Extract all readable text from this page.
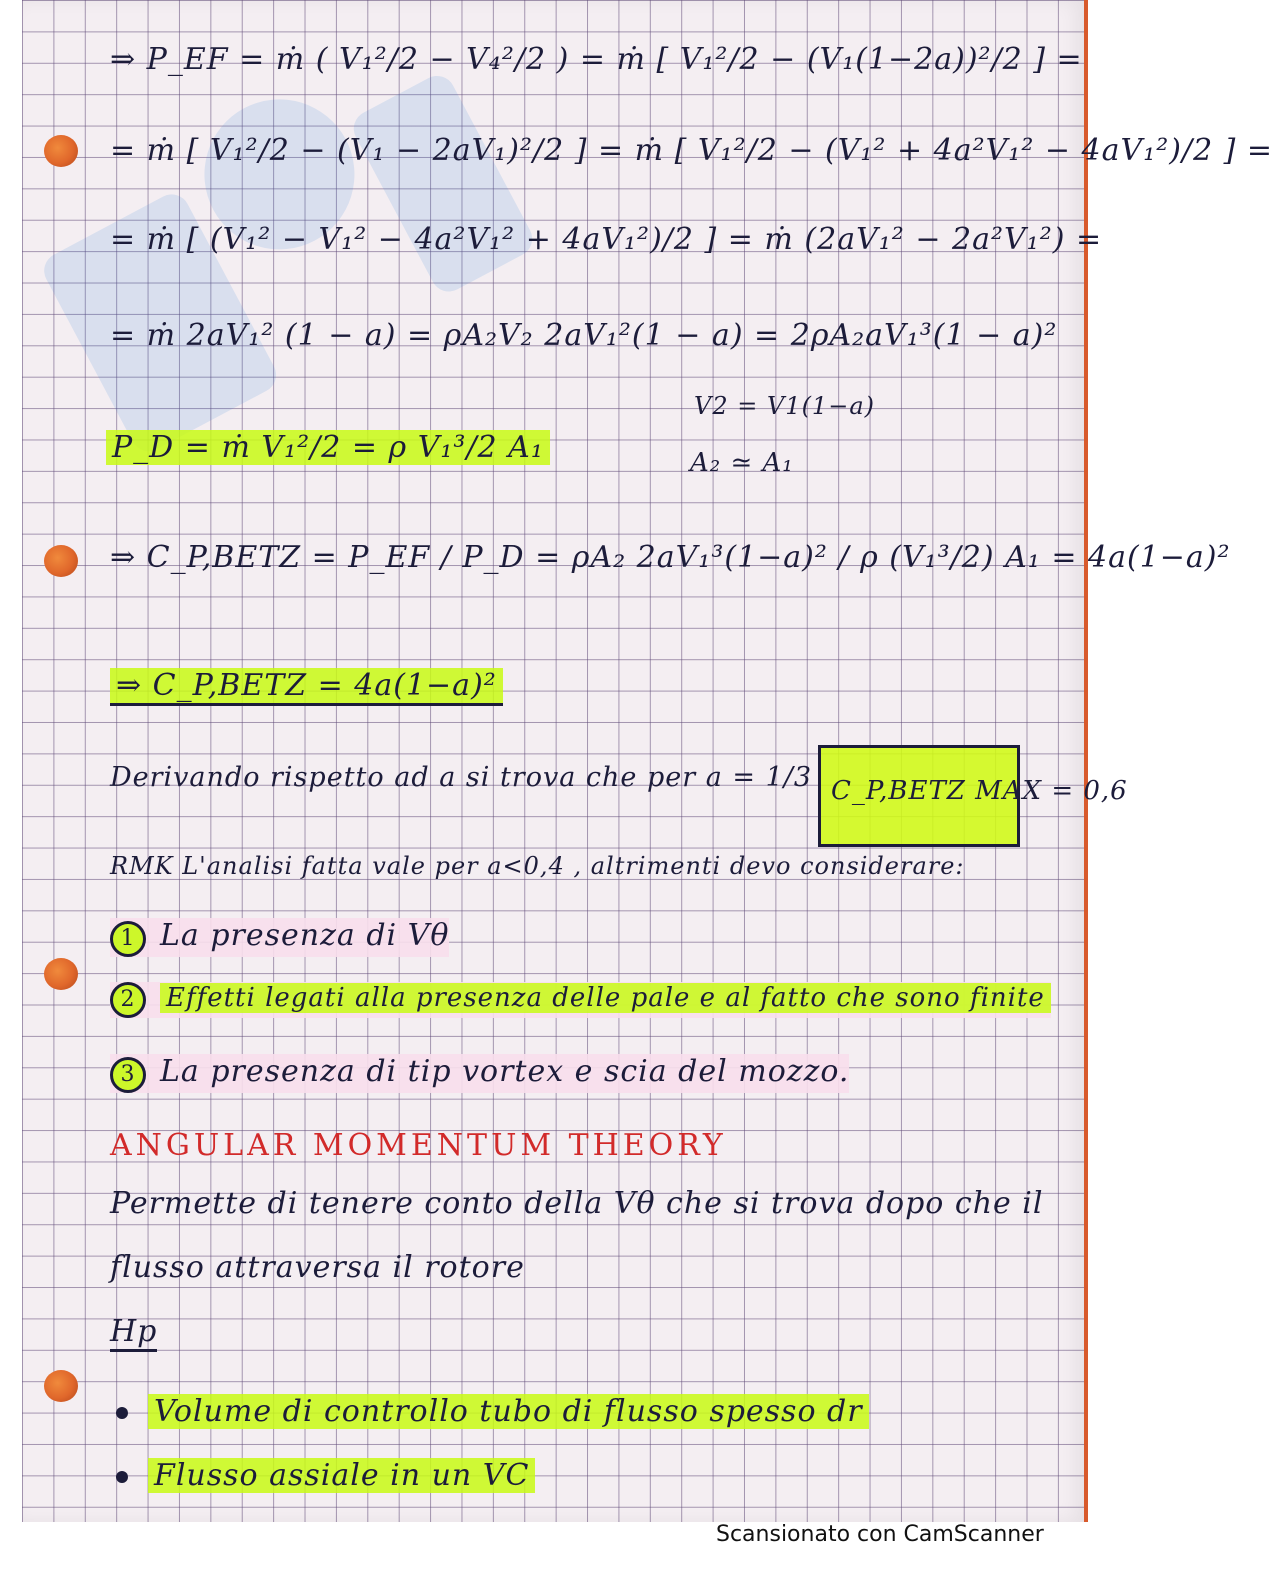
⇒ P_EF = ṁ ( V₁²/2 − V₄²/2 ) = ṁ [ V₁²/2 − (V₁(1−2a))²/2 ] =
= ṁ [ V₁²/2 − (V₁ − 2aV₁)²/2 ] = ṁ [ V₁²/2 − (V₁² + 4a²V₁² − 4aV₁²)/2 ] =
= ṁ [ (V₁² − V₁² − 4a²V₁² + 4aV₁²)/2 ] = ṁ (2aV₁² − 2a²V₁²) =
= ṁ 2aV₁² (1 − a) = ρA₂V₂ 2aV₁²(1 − a) = 2ρA₂aV₁³(1 − a)²
V2 = V1(1−a)
P_D = ṁ V₁²/2 = ρ V₁³/2 A₁	A₂ ≃ A₁
⇒ C_P,BETZ = P_EF / P_D = ρA₂ 2aV₁³(1−a)² / ρ (V₁³/2) A₁ = 4a(1−a)²
⇒ C_P,BETZ = 4a(1−a)²
Derivando rispetto ad a si trova che per a = 1/3 C_P,BETZ MAX = 0,6
RMK L'analisi fatta vale per a<0,4 , altrimenti devo considerare:
1 La presenza di Vθ
2 Effetti legati alla presenza delle pale e al fatto che sono finite
3 La presenza di tip vortex e scia del mozzo.
ANGULAR MOMENTUM THEORY
Permette di tenere conto della Vθ che si trova dopo che il
flusso attraversa il rotore
Hp
Volume di controllo tubo di flusso spesso dr
Flusso assiale in un VC
Scansionato con CamScanner
